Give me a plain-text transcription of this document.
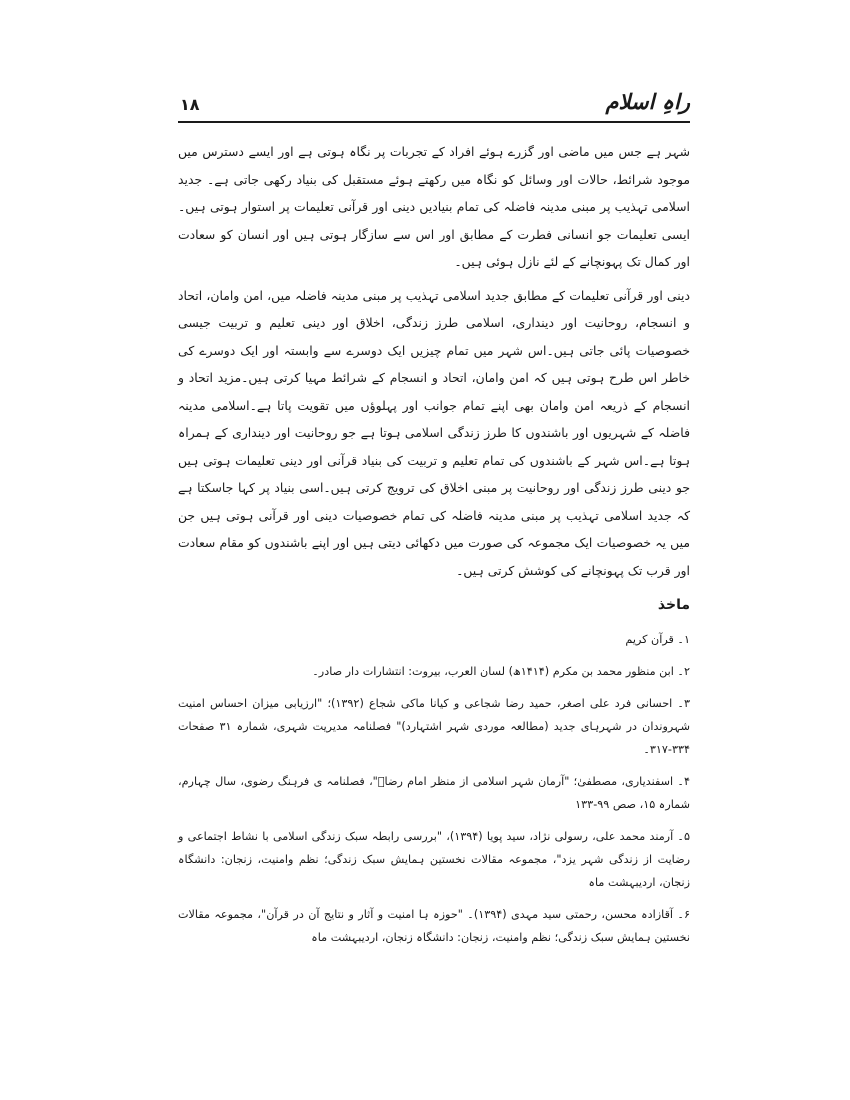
۱۸	راہِ اسلام

شہر ہے جس میں ماضی اور گزرے ہوئے افراد کے تجربات پر نگاہ ہوتی ہے اور ایسے دسترس میں موجود شرائط، حالات اور وسائل کو نگاہ میں رکھتے ہوئے مستقبل کی بنیاد رکھی جاتی ہے۔ جدید اسلامی تہذیب پر مبنی مدینہ فاضلہ کی تمام بنیادیں دینی اور قرآنی تعلیمات پر استوار ہوتی ہیں۔ایسی تعلیمات جو انسانی فطرت کے مطابق اور اس سے سازگار ہوتی ہیں اور انسان کو سعادت اور کمال تک پہونچانے کے لئے نازل ہوئی ہیں۔

دینی اور قرآنی تعلیمات کے مطابق جدید اسلامی تہذیب پر مبنی مدینہ فاضلہ میں، امن وامان، اتحاد و انسجام، روحانیت اور دینداری، اسلامی طرز زندگی، اخلاق اور دینی تعلیم و تربیت جیسی خصوصیات پائی جاتی ہیں۔اس شہر میں تمام چیزیں ایک دوسرے سے وابستہ اور ایک دوسرے کی خاطر اس طرح ہوتی ہیں کہ امن وامان، اتحاد و انسجام کے شرائط مہیا کرتی ہیں۔مزید اتحاد و انسجام کے ذریعہ امن وامان بھی اپنے تمام جوانب اور پہلوؤں میں تقویت پاتا ہے۔اسلامی مدینہ فاضلہ کے شہریوں اور باشندوں کا طرز زندگی اسلامی ہوتا ہے جو روحانیت اور دینداری کے ہمراہ ہوتا ہے۔اس شہر کے باشندوں کی تمام تعلیم و تربیت کی بنیاد قرآنی اور دینی تعلیمات ہوتی ہیں جو دینی طرز زندگی اور روحانیت پر مبنی اخلاق کی ترویج کرتی ہیں۔اسی بنیاد پر کہا جاسکتا ہے کہ جدید اسلامی تہذیب پر مبنی مدینہ فاضلہ کی تمام خصوصیات دینی اور قرآنی ہوتی ہیں جن میں یہ خصوصیات ایک مجموعہ کی صورت میں دکھائی دیتی ہیں اور اپنے باشندوں کو مقام سعادت اور قرب تک پہونچانے کی کوشش کرتی ہیں۔

ماخذ
۱۔ قرآن کریم
۲۔ ابن منظور محمد بن مکرم (۱۴۱۴ھ) لسان العرب، بیروت: انتشارات دار صادر۔
۳۔ احسانی فرد علی اصغر، حمید رضا شجاعی و کیانا ماکی شجاع (۱۳۹۲)؛ "ارزیابی میزان احساس امنیت شہروندان در شہرہای جدید (مطالعہ موردی شہر اشتہارد)" فصلنامہ مدیریت شہری، شمارہ ۳۱ صفحات ۳۳۴-۳۱۷۔
۴۔ اسفندیاری، مصطفیٰ؛ "آرمان شہر اسلامی از منظر امام رضاؑ"، فصلنامہ ی فرہنگ رضوی، سال چہارم، شمارہ ۱۵، صص ۹۹-۱۳۳
۵۔ آرمند محمد علی، رسولی نژاد، سید پویا (۱۳۹۴)، "بررسی رابطہ سبک زندگی اسلامی با نشاط اجتماعی و رضایت از زندگی شہر یزد"، مجموعہ مقالات نخستین ہمایش سبک زندگی؛ نظم وامنیت، زنجان: دانشگاہ زنجان، اردیبہشت ماہ
۶۔ آقازادہ محسن، رحمتی سید مہدی (۱۳۹۴)۔ "حوزہ ہا امنیت و آثار و نتایج آن در قرآن"، مجموعہ مقالات نخستین ہمایش سبک زندگی؛ نظم وامنیت، زنجان: دانشگاہ زنجان، اردیبہشت ماہ
